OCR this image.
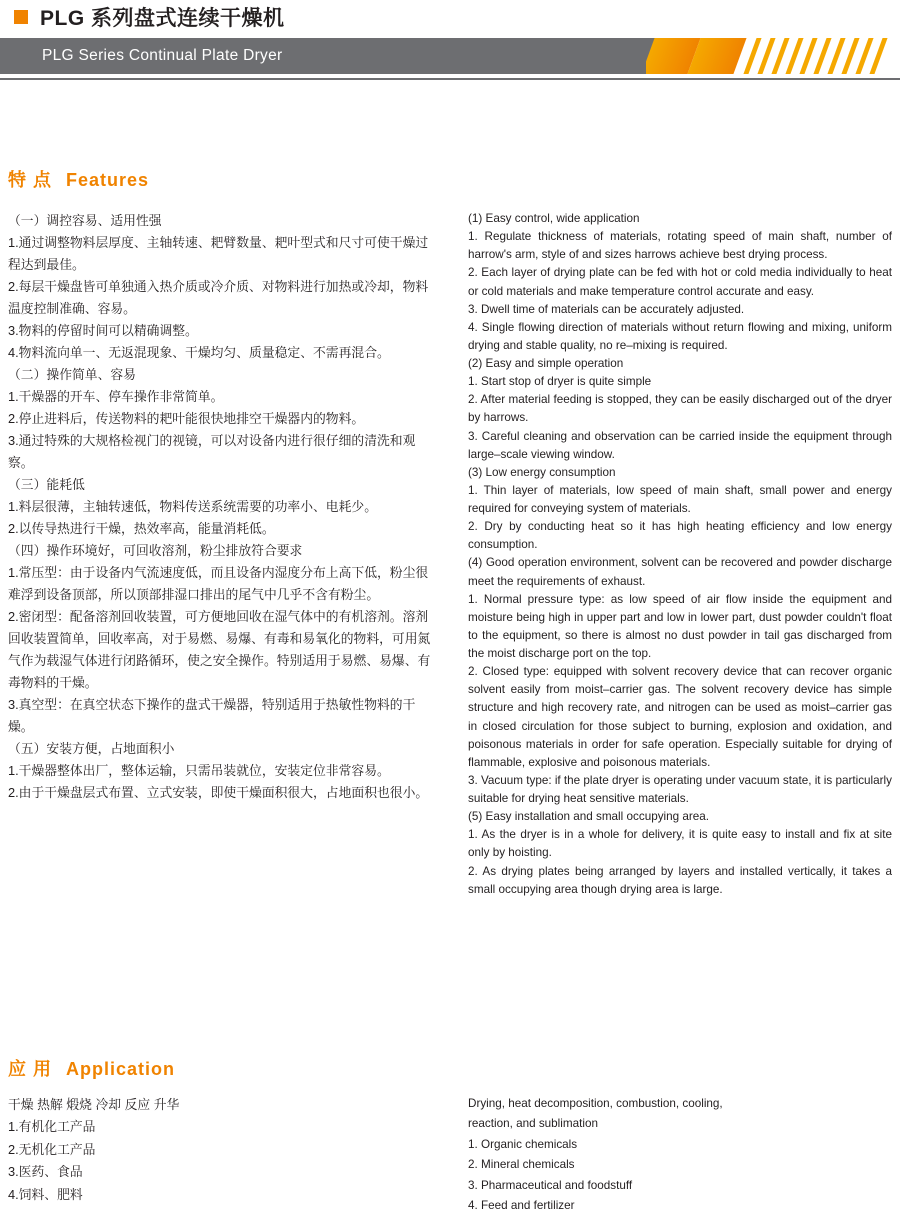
PLG 系列盘式连续干燥机
PLG Series Continual Plate Dryer
特 点 Features

（一）调控容易、适用性强

1.通过调整物料层厚度、主轴转速、耙臂数量、耙叶型式和尺寸可使干燥过程达到最佳。

2.每层干燥盘皆可单独通入热介质或冷介质、对物料进行加热或冷却，物料温度控制准确、容易。

3.物料的停留时间可以精确调整。

4.物料流向单一、无返混现象、干燥均匀、质量稳定、不需再混合。

（二）操作简单、容易

1.干燥器的开车、停车操作非常简单。

2.停止进料后，传送物料的耙叶能很快地排空干燥器内的物料。

3.通过特殊的大规格检视门的视镜，可以对设备内进行很仔细的清洗和观察。

（三）能耗低

1.料层很薄，主轴转速低，物料传送系统需要的功率小、电耗少。

2.以传导热进行干燥，热效率高，能量消耗低。

（四）操作环境好，可回收溶剂，粉尘排放符合要求

1.常压型：由于设备内气流速度低，而且设备内湿度分布上高下低，粉尘很难浮到设备顶部，所以顶部排湿口排出的尾气中几乎不含有粉尘。

2.密闭型：配备溶剂回收装置，可方便地回收在湿气体中的有机溶剂。溶剂回收装置简单，回收率高，对于易燃、易爆、有毒和易氧化的物料，可用氮气作为载湿气体进行闭路循环，使之安全操作。特别适用于易燃、易爆、有毒物料的干燥。

3.真空型：在真空状态下操作的盘式干燥器，特别适用于热敏性物料的干燥。

（五）安装方便，占地面积小

1.干燥器整体出厂，整体运输，只需吊装就位，安装定位非常容易。

2.由于干燥盘层式布置、立式安装，即使干燥面积很大，占地面积也很小。

(1) Easy control, wide application

1. Regulate thickness of materials, rotating speed of main shaft, number of harrow's arm, style of and sizes harrows achieve best drying process.

2. Each layer of drying plate can be fed with hot or cold media individually to heat or cold materials and make temperature control accurate and easy.

3. Dwell time of materials can be accurately adjusted.

4. Single flowing direction of materials without return flowing and mixing, uniform drying and stable quality, no re–mixing is required.

(2) Easy and simple operation

1. Start stop of dryer is quite simple

2. After material feeding is stopped, they can be easily discharged out of the dryer by harrows.

3. Careful cleaning and observation can be carried inside the equipment through large–scale viewing window.

(3) Low energy consumption

1. Thin layer of materials, low speed of main shaft, small power and energy required for conveying system of materials.

2. Dry by conducting heat so it has high heating efficiency and low energy consumption.

(4) Good operation environment, solvent can be recovered and powder discharge meet the requirements of exhaust.

1. Normal pressure type: as low speed of air flow inside the equipment and moisture being high in upper part and low in lower part, dust powder couldn't float to the equipment, so there is almost no dust powder in tail gas discharged from the moist discharge port on the top.

2. Closed type: equipped with solvent recovery device that can recover organic solvent easily from moist–carrier gas. The solvent recovery device has simple structure and high recovery rate, and nitrogen can be used as moist–carrier gas in closed circulation for those subject to burning, explosion and oxidation, and poisonous materials in order for safe operation. Especially suitable for drying of flammable, explosive and poisonous materials.

3. Vacuum type: if the plate dryer is operating under vacuum state, it is particularly suitable for drying heat sensitive materials.

(5) Easy installation and small occupying area.

1. As the dryer is in a whole for delivery, it is quite easy to install and fix at site only by hoisting.

2. As drying plates being arranged by layers and installed vertically, it takes a small occupying area though drying area is large.

应 用 Application

干燥 热解 煅烧 冷却 反应 升华

1.有机化工产品

2.无机化工产品

3.医药、食品

4.饲料、肥料

Drying, heat decomposition, combustion, cooling,

reaction, and sublimation

1. Organic chemicals

2. Mineral chemicals

3. Pharmaceutical and foodstuff

4. Feed and fertilizer
